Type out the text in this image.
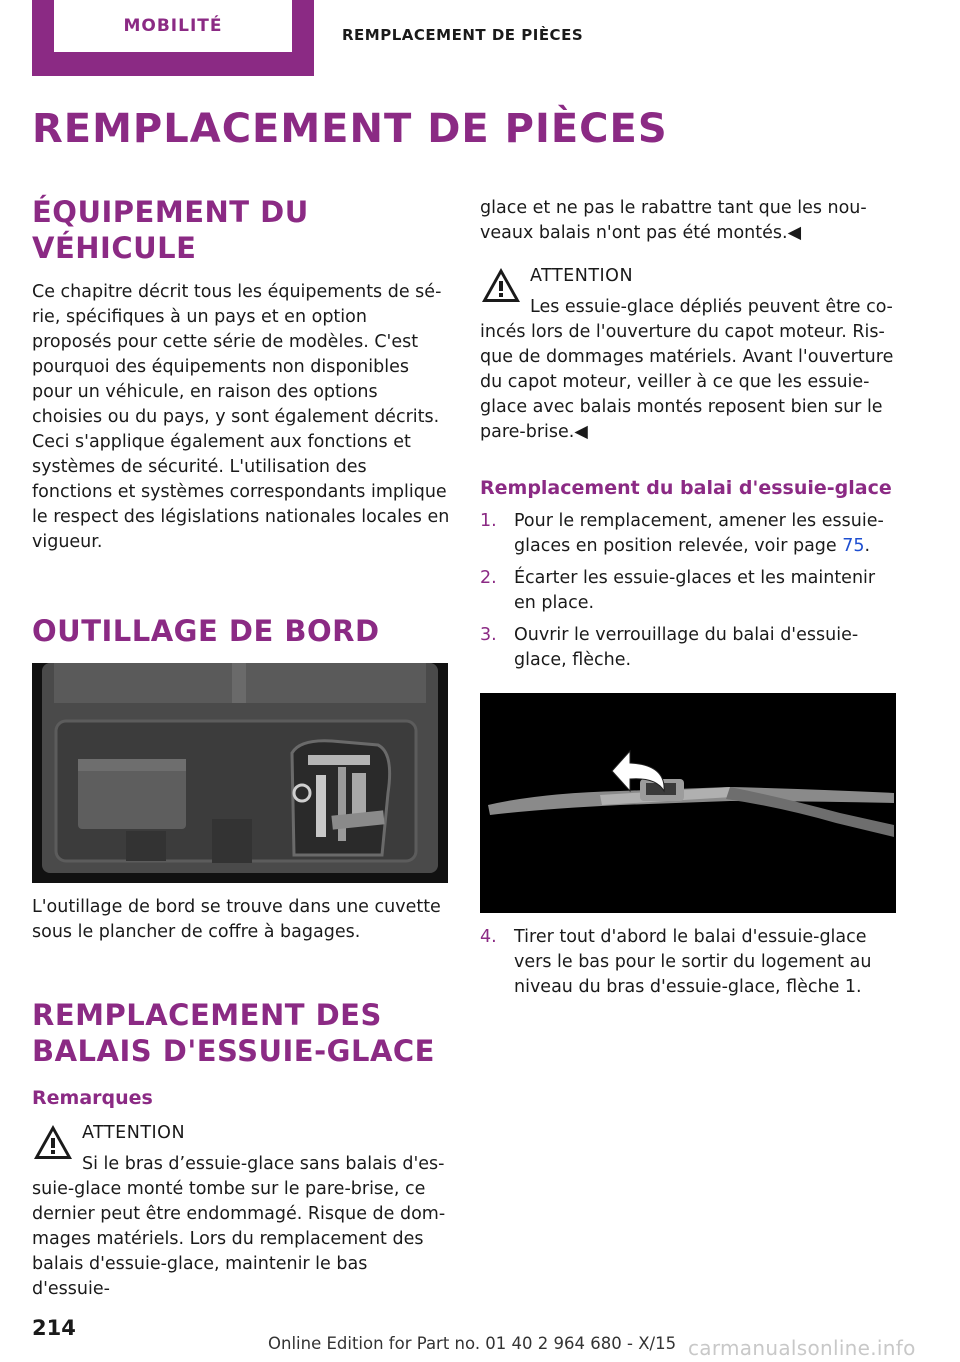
MOBILITÉ	REMPLACEMENT DE PIÈCES
REMPLACEMENT DE PIÈCES
ÉQUIPEMENT DU VÉHICULE

Ce chapitre décrit tous les équipements de série, spécifiques à un pays et en option proposés pour cette série de modèles. C'est pourquoi des équipements non disponibles pour un véhicule, en raison des options choisies ou du pays, y sont également décrits. Ceci s'applique également aux fonctions et systèmes de sécurité. L'utilisation des fonctions et systèmes correspondants implique le respect des législations nationales locales en vigueur.

OUTILLAGE DE BORD

L'outillage de bord se trouve dans une cuvette sous le plancher de coffre à bagages.

REMPLACEMENT DES BALAIS D'ESSUIE-GLACE
Remarques
ATTENTION

Si le bras d’essuie-glace sans balais d'essuie-glace monté tombe sur le pare-brise, ce dernier peut être endommagé. Risque de dommages matériels. Lors du remplacement des balais d'essuie-glace, maintenir le bas d'essuie-

glace et ne pas le rabattre tant que les nouveaux balais n'ont pas été montés.◀

ATTENTION

Les essuie-glace dépliés peuvent être coincés lors de l'ouverture du capot moteur. Risque de dommages matériels. Avant l'ouverture du capot moteur, veiller à ce que les essuie-glace avec balais montés reposent bien sur le pare-brise.◀

Remplacement du balai d'essuie-glace
1. Pour le remplacement, amener les essuie-glaces en position relevée, voir page 75.
2. Écarter les essuie-glaces et les maintenir en place.
3. Ouvrir le verrouillage du balai d'essuie-glace, flèche.
4. Tirer tout d'abord le balai d'essuie-glace vers le bas pour le sortir du logement au niveau du bras d'essuie-glace, flèche 1.
214
Online Edition for Part no. 01 40 2 964 680 - X/15 carmanualsonline.info
